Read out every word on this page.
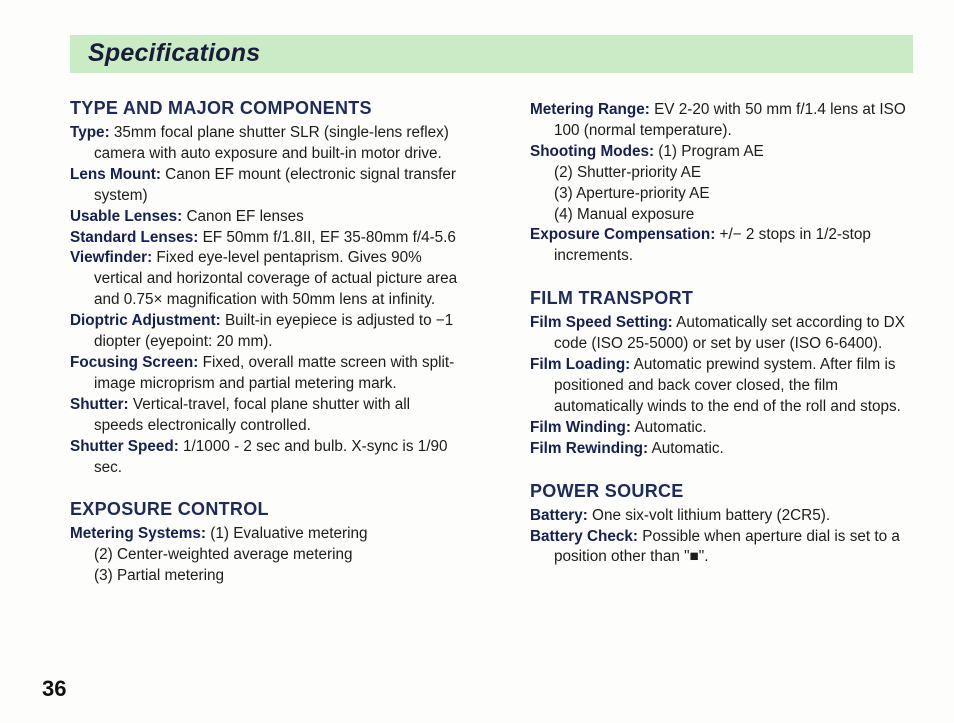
Specifications
TYPE AND MAJOR COMPONENTS

Type: 35mm focal plane shutter SLR (single-lens reflex) camera with auto exposure and built-in motor drive.

Lens Mount: Canon EF mount (electronic signal transfer system)

Usable Lenses: Canon EF lenses

Standard Lenses: EF 50mm f/1.8II, EF 35-80mm f/4-5.6

Viewfinder: Fixed eye-level pentaprism. Gives 90% vertical and horizontal coverage of actual picture area and 0.75× magnification with 50mm lens at infinity.

Dioptric Adjustment: Built-in eyepiece is adjusted to −1 diopter (eyepoint: 20 mm).

Focusing Screen: Fixed, overall matte screen with split-image microprism and partial metering mark.

Shutter: Vertical-travel, focal plane shutter with all speeds electronically controlled.

Shutter Speed: 1/1000 - 2 sec and bulb. X-sync is 1/90 sec.

EXPOSURE CONTROL

Metering Systems: (1) Evaluative metering

(2) Center-weighted average metering

(3) Partial metering

Metering Range: EV 2-20 with 50 mm f/1.4 lens at ISO 100 (normal temperature).

Shooting Modes: (1) Program AE

(2) Shutter-priority AE

(3) Aperture-priority AE

(4) Manual exposure

Exposure Compensation: +/− 2 stops in 1/2-stop increments.

FILM TRANSPORT

Film Speed Setting: Automatically set according to DX code (ISO 25-5000) or set by user (ISO 6-6400).

Film Loading: Automatic prewind system. After film is positioned and back cover closed, the film automatically winds to the end of the roll and stops.

Film Winding: Automatic.

Film Rewinding: Automatic.

POWER SOURCE

Battery: One six-volt lithium battery (2CR5).

Battery Check: Possible when aperture dial is set to a position other than "■".

36
